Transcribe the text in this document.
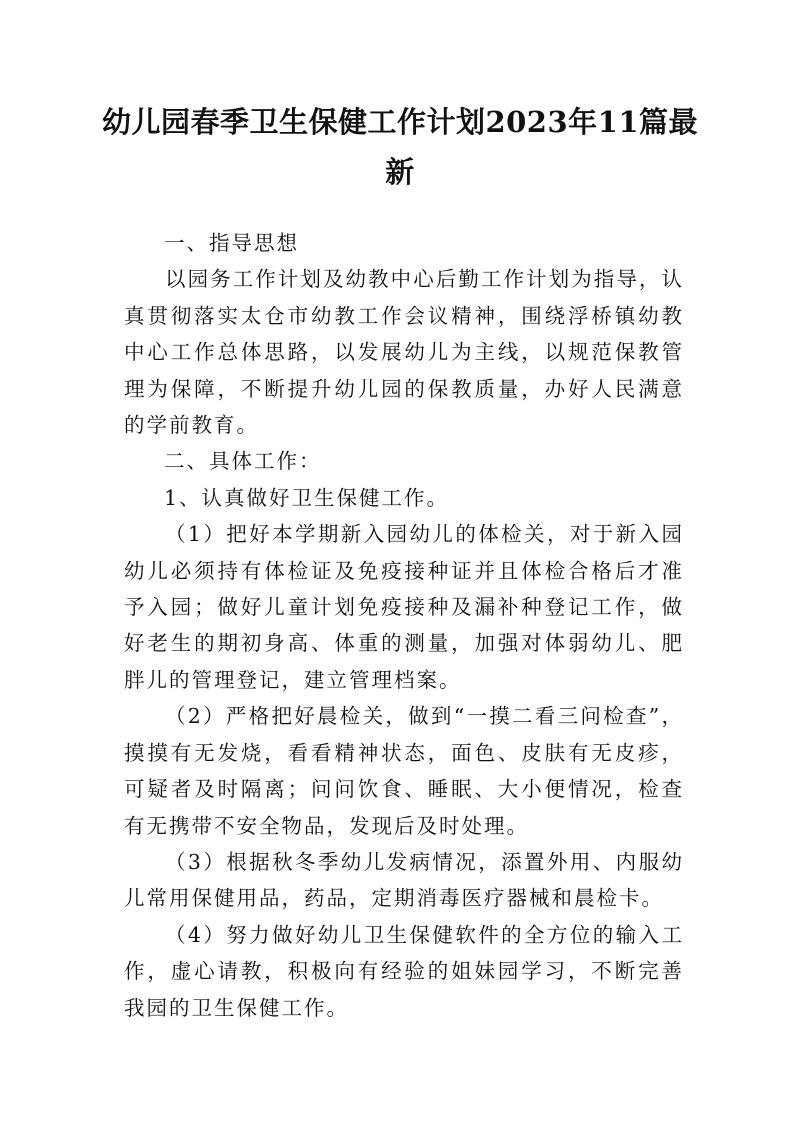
幼儿园春季卫生保健工作计划2023年11篇最新

一、指导思想

以园务工作计划及幼教中心后勤工作计划为指导，认真贯彻落实太仓市幼教工作会议精神，围绕浮桥镇幼教中心工作总体思路，以发展幼儿为主线，以规范保教管理为保障，不断提升幼儿园的保教质量，办好人民满意的学前教育。

二、具体工作：

1、认真做好卫生保健工作。

（1）把好本学期新入园幼儿的体检关，对于新入园幼儿必须持有体检证及免疫接种证并且体检合格后才准予入园；做好儿童计划免疫接种及漏补种登记工作，做好老生的期初身高、体重的测量，加强对体弱幼儿、肥胖儿的管理登记，建立管理档案。

（2）严格把好晨检关，做到“一摸二看三问检查”，摸摸有无发烧，看看精神状态，面色、皮肤有无皮疹，可疑者及时隔离；问问饮食、睡眠、大小便情况，检查有无携带不安全物品，发现后及时处理。

（3）根据秋冬季幼儿发病情况，添置外用、内服幼儿常用保健用品，药品，定期消毒医疗器械和晨检卡。

（4）努力做好幼儿卫生保健软件的全方位的输入工作，虚心请教，积极向有经验的姐妹园学习，不断完善我园的卫生保健工作。
